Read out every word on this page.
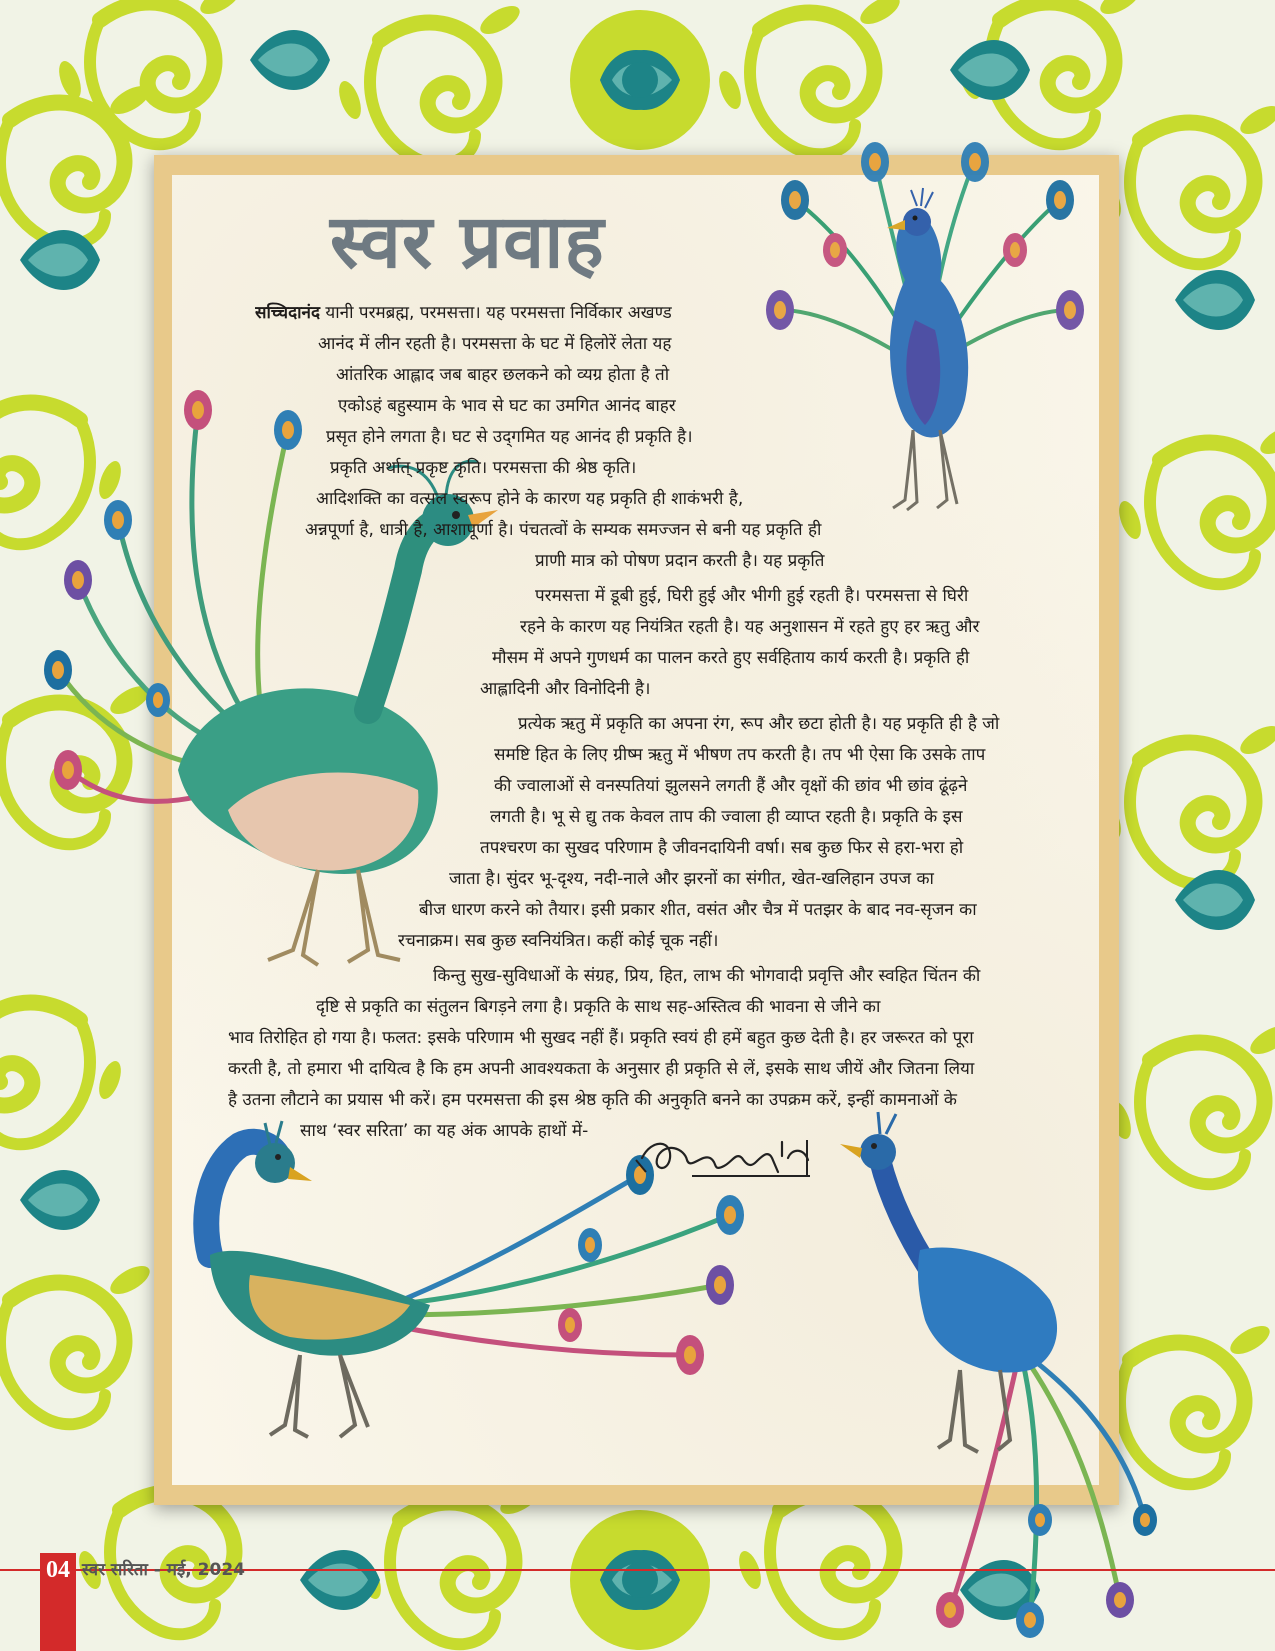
स्वर प्रवाह
सच्चिदानंद यानी परमब्रह्म, परमसत्ता। यह परमसत्ता निर्विकार अखण्ड
आनंद में लीन रहती है। परमसत्ता के घट में हिलोरें लेता यह
आंतरिक आह्लाद जब बाहर छलकने को व्यग्र होता है तो
एकोऽहं बहुस्याम के भाव से घट का उमगित आनंद बाहर
प्रसृत होने लगता है। घट से उद्‌गमित यह आनंद ही प्रकृति है।
प्रकृति अर्थात् प्रकृष्ट कृति। परमसत्ता की श्रेष्ठ कृति।
आदिशक्ति का वत्सल स्वरूप होने के कारण यह प्रकृति ही शाकंभरी है,
अन्नपूर्णा है, धात्री है, आशापूर्णा है। पंचतत्वों के सम्यक समज्जन से बनी यह प्रकृति ही
प्राणी मात्र को पोषण प्रदान करती है। यह प्रकृति
परमसत्ता में डूबी हुई, घिरी हुई और भीगी हुई रहती है। परमसत्ता से घिरी
रहने के कारण यह नियंत्रित रहती है। यह अनुशासन में रहते हुए हर ऋतु और
मौसम में अपने गुणधर्म का पालन करते हुए सर्वहिताय कार्य करती है। प्रकृति ही
आह्लादिनी और विनोदिनी है।
प्रत्येक ऋतु में प्रकृति का अपना रंग, रूप और छटा होती है। यह प्रकृति ही है जो
समष्टि हित के लिए ग्रीष्म ऋतु में भीषण तप करती है। तप भी ऐसा कि उसके ताप
की ज्वालाओं से वनस्पतियां झुलसने लगती हैं और वृक्षों की छांव भी छांव ढूंढ़ने
लगती है। भू से द्यु तक केवल ताप की ज्वाला ही व्याप्त रहती है। प्रकृति के इस
तपश्चरण का सुखद परिणाम है जीवनदायिनी वर्षा। सब कुछ फिर से हरा-भरा हो
जाता है। सुंदर भू-दृश्य, नदी-नाले और झरनों का संगीत, खेत-खलिहान उपज का
बीज धारण करने को तैयार। इसी प्रकार शीत, वसंत और चैत्र में पतझर के बाद नव-सृजन का
रचनाक्रम। सब कुछ स्वनियंत्रित। कहीं कोई चूक नहीं।
किन्तु सुख-सुविधाओं के संग्रह, प्रिय, हित, लाभ की भोगवादी प्रवृत्ति और स्वहित चिंतन की
दृष्टि से प्रकृति का संतुलन बिगड़ने लगा है। प्रकृति के साथ सह-अस्तित्व की भावना से जीने का
भाव तिरोहित हो गया है। फलत: इसके परिणाम भी सुखद नहीं हैं। प्रकृति स्वयं ही हमें बहुत कुछ देती है। हर जरूरत को पूरा
करती है, तो हमारा भी दायित्व है कि हम अपनी आवश्यकता के अनुसार ही प्रकृति से लें, इसके साथ जीयें और जितना लिया
है उतना लौटाने का प्रयास भी करें। हम परमसत्ता की इस श्रेष्ठ कृति की अनुकृति बनने का उपक्रम करें, इन्हीं कामनाओं के
साथ ‘स्वर सरिता’ का यह अंक आपके हाथों में-
04 स्वर सरिता - मई, 2024
